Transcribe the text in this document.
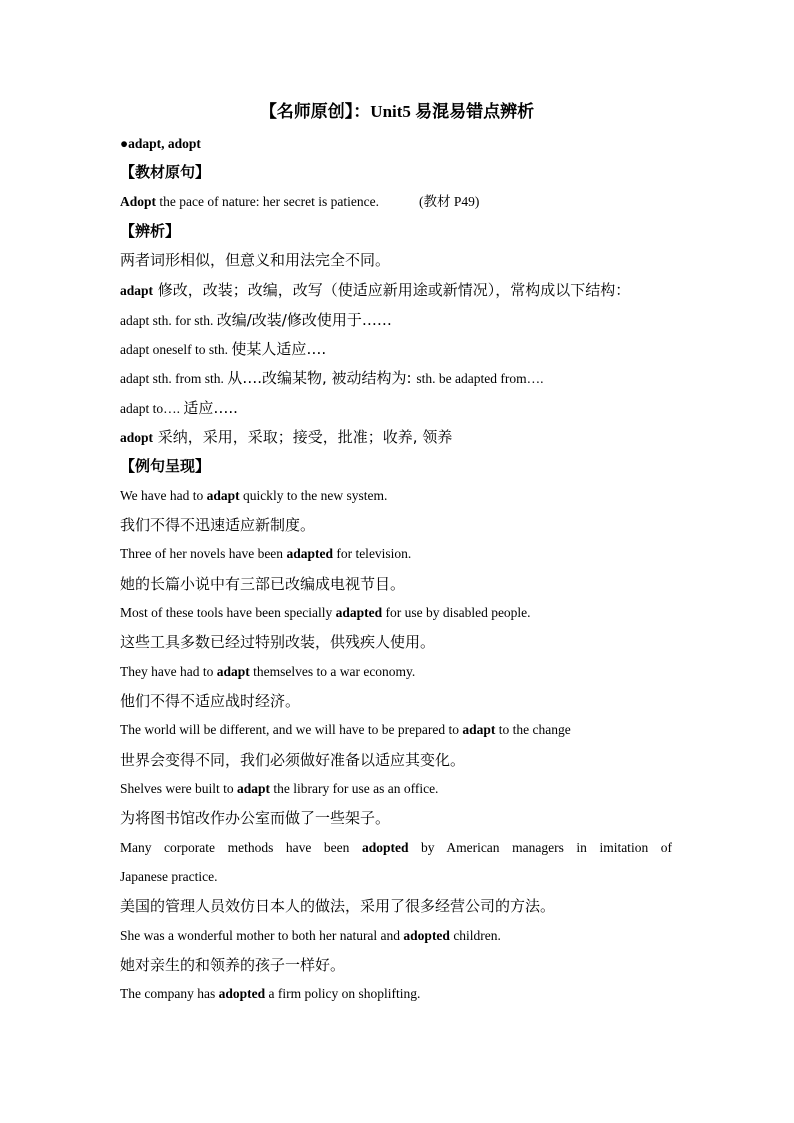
【名师原创】：Unit5 易混易错点辨析
●adapt, adopt
【教材原句】
Adopt the pace of nature: her secret is patience.	(教材 P49)
【辨析】
两者词形相似，但意义和用法完全不同。
adapt 修改，改装；改编，改写（使适应新用途或新情况），常构成以下结构：
adapt sth. for sth. 改编/改装/修改使用于……
adapt oneself to sth. 使某人适应….
adapt sth. from sth. 从….改编某物, 被动结构为: sth. be adapted from….
adapt to…. 适应…..
adopt 采纳，采用，采取；接受，批准；收养, 领养
【例句呈现】
We have had to adapt quickly to the new system.
我们不得不迅速适应新制度。
Three of her novels have been adapted for television.
她的长篇小说中有三部已改编成电视节目。
Most of these tools have been specially adapted for use by disabled people.
这些工具多数已经过特别改装，供残疾人使用。
They have had to adapt themselves to a war economy.
他们不得不适应战时经济。
The world will be different, and we will have to be prepared to adapt to the change
世界会变得不同，我们必须做好准备以适应其变化。
Shelves were built to adapt the library for use as an office.
为将图书馆改作办公室而做了一些架子。
Many corporate methods have been adopted by American managers in imitation of
Japanese practice.
美国的管理人员效仿日本人的做法，采用了很多经营公司的方法。
She was a wonderful mother to both her natural and adopted children.
她对亲生的和领养的孩子一样好。
The company has adopted a firm policy on shoplifting.
